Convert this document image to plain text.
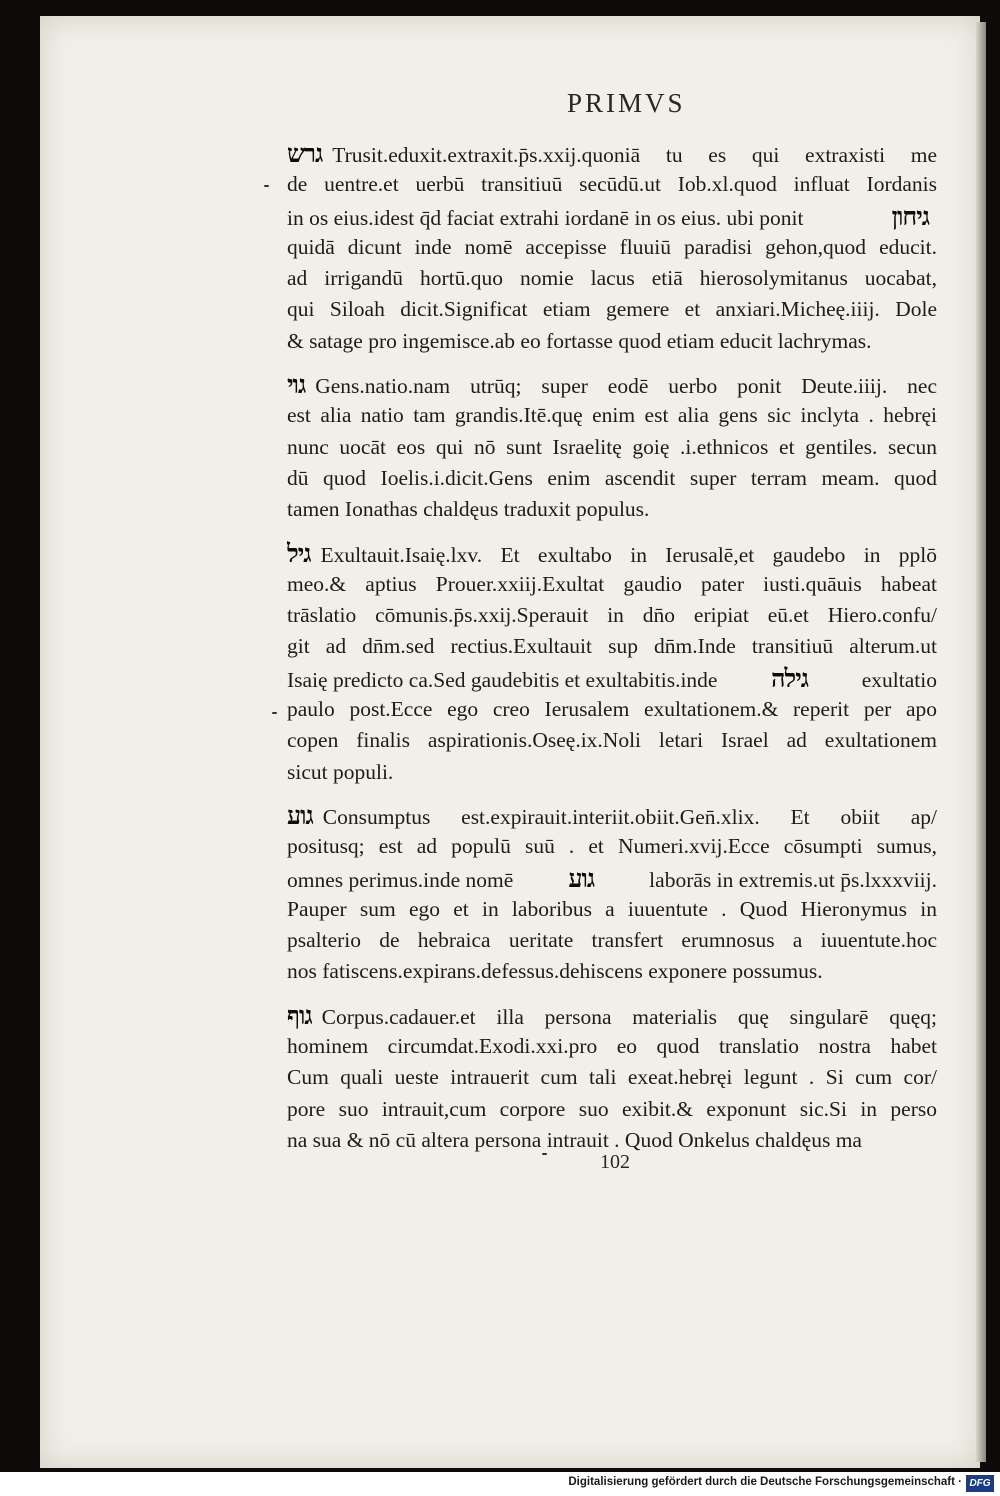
PRIMVS
גרש Trusit.eduxit.extraxit.p̄s.xxij.quoniā tu es qui extraxisti me
de uentre.et uerbū transitiuū secūdū.ut Iob.xl.quod influat Iordanis
in os eius.idest q̄d faciat extrahi iordanē in os eius. ubi ponit	גיחון
quidā dicunt inde nomē accepisse fluuiū paradisi gehon,quod educit.
ad irrigandū hortū.quo nomie lacus etiā hierosolymitanus uocabat,
qui Siloah dicit.Significat etiam gemere et anxiari.Micheę.iiij. Dole
& satage pro ingemisce.ab eo fortasse quod etiam educit lachrymas.
גוי Gens.natio.nam utrūq; super eodē uerbo ponit Deute.iiij. nec
est alia natio tam grandis.Itē.quę enim est alia gens sic inclyta . hebręi
nunc uocāt eos qui nō sunt Israelitę goię .i.ethnicos et gentiles. secun
dū quod Ioelis.i.dicit.Gens enim ascendit super terram meam. quod
tamen Ionathas chaldęus traduxit populus.
גיל Exultauit.Isaię.lxv. Et exultabo in Ierusalē,et gaudebo in pplō
meo.& aptius Prouer.xxiij.Exultat gaudio pater iusti.quāuis habeat
trāslatio cōmunis.p̄s.xxij.Sperauit in dn̄o eripiat eū.et Hiero.confu/
git ad dn̄m.sed rectius.Exultauit sup dn̄m.Inde transitiuū alterum.ut
Isaię predicto ca.Sed gaudebitis et exultabitis.inde גילה exultatio
paulo post.Ecce ego creo Ierusalem exultationem.& reperit per apo
copen finalis aspirationis.Oseę.ix.Noli letari Israel ad exultationem
sicut populi.
גוע Consumptus est.expirauit.interiit.obiit.Gen̄.xlix. Et obiit ap/
positusq; est ad populū suū . et Numeri.xvij.Ecce cōsumpti sumus,
omnes perimus.inde nomē גוע	laborās in extremis.ut p̄s.lxxxviij.
Pauper sum ego et in laboribus a iuuentute . Quod Hieronymus in
psalterio de hebraica ueritate transfert erumnosus a iuuentute.hoc
nos fatiscens.expirans.defessus.dehiscens exponere possumus.
גוף Corpus.cadauer.et illa persona materialis quę singularē quęq;
hominem circumdat.Exodi.xxi.pro eo quod translatio nostra habet
Cum quali ueste intrauerit cum tali exeat.hebręi legunt . Si cum cor/
pore suo intrauit,cum corpore suo exibit.& exponunt sic.Si in perso
na sua & nō cū altera persona intrauit . Quod Onkelus chaldęus ma
102
Digitalisierung gefördert durch die Deutsche Forschungsgemeinschaft · DFG
